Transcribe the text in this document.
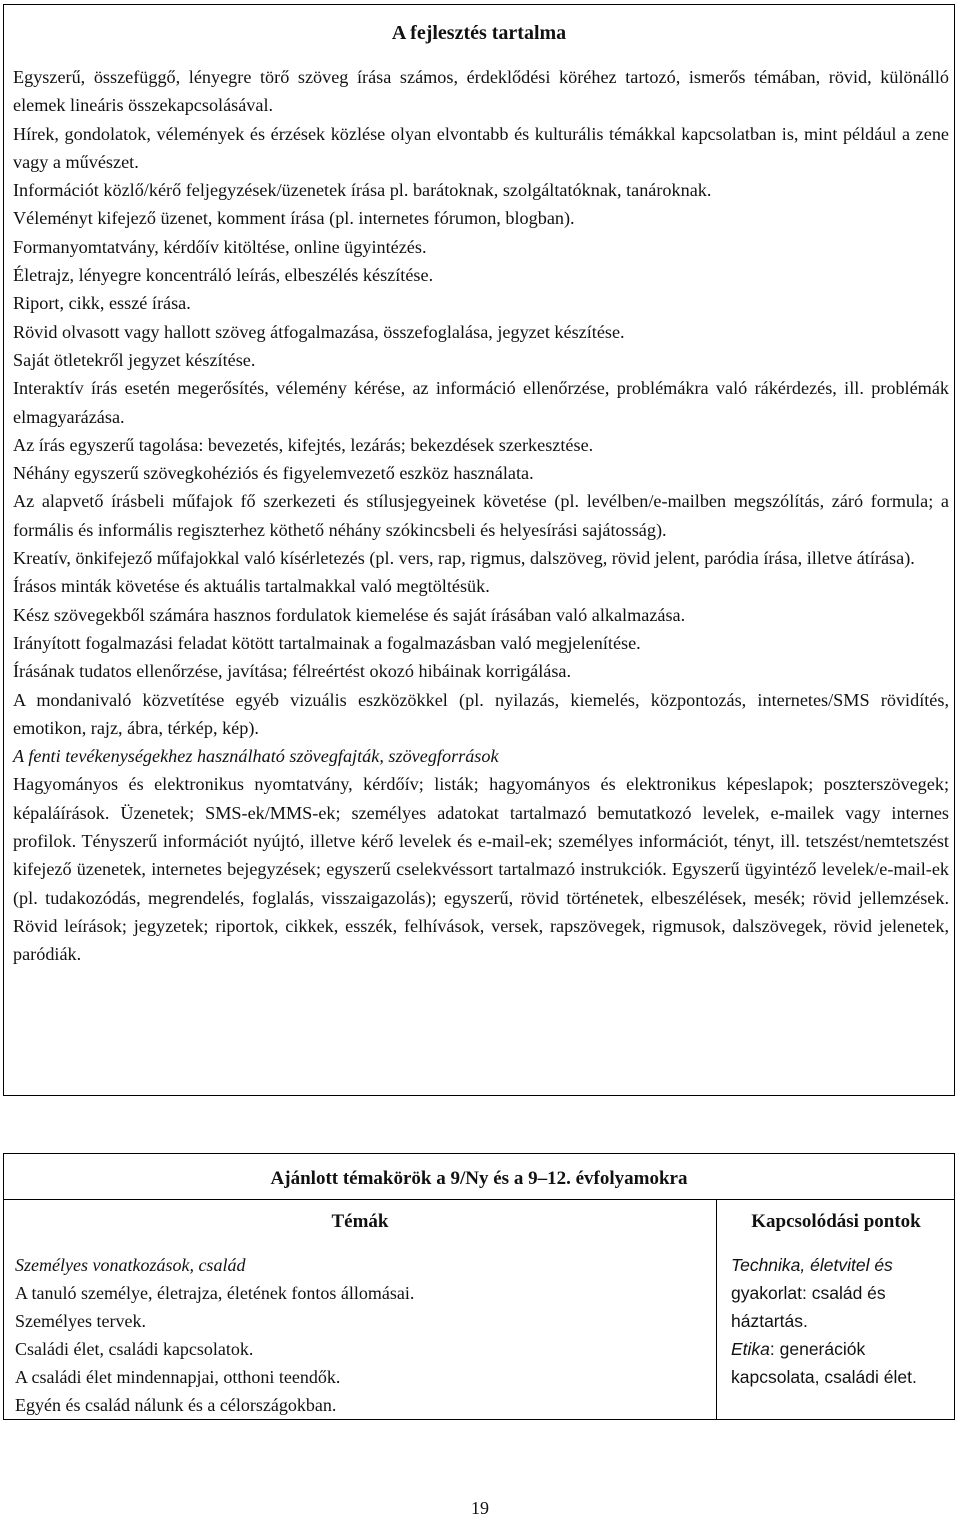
A fejlesztés tartalma

Egyszerű, összefüggő, lényegre törő szöveg írása számos, érdeklődési köréhez tartozó, ismerős témában, rövid, különálló elemek lineáris összekapcsolásával.

Hírek, gondolatok, vélemények és érzések közlése olyan elvontabb és kulturális témákkal kapcsolatban is, mint például a zene vagy a művészet.

Információt közlő/kérő feljegyzések/üzenetek írása pl. barátoknak, szolgáltatóknak, tanároknak.

Véleményt kifejező üzenet, komment írása (pl. internetes fórumon, blogban).

Formanyomtatvány, kérdőív kitöltése, online ügyintézés.

Életrajz, lényegre koncentráló leírás, elbeszélés készítése.

Riport, cikk, esszé írása.

Rövid olvasott vagy hallott szöveg átfogalmazása, összefoglalása, jegyzet készítése.

Saját ötletekről jegyzet készítése.

Interaktív írás esetén megerősítés, vélemény kérése, az információ ellenőrzése, problémákra való rákérdezés, ill. problémák elmagyarázása.

Az írás egyszerű tagolása: bevezetés, kifejtés, lezárás; bekezdések szerkesztése.

Néhány egyszerű szövegkohéziós és figyelemvezető eszköz használata.

Az alapvető írásbeli műfajok fő szerkezeti és stílusjegyeinek követése (pl. levélben/e-mailben megszólítás, záró formula; a formális és informális regiszterhez köthető néhány szókincsbeli és helyesírási sajátosság).

Kreatív, önkifejező műfajokkal való kísérletezés (pl. vers, rap, rigmus, dalszöveg, rövid jelent, paródia írása, illetve átírása).

Írásos minták követése és aktuális tartalmakkal való megtöltésük.

Kész szövegekből számára hasznos fordulatok kiemelése és saját írásában való alkalmazása.

Irányított fogalmazási feladat kötött tartalmainak a fogalmazásban való megjelenítése.

Írásának tudatos ellenőrzése, javítása; félreértést okozó hibáinak korrigálása.

A mondanivaló közvetítése egyéb vizuális eszközökkel (pl. nyilazás, kiemelés, központozás, internetes/SMS rövidítés, emotikon, rajz, ábra, térkép, kép).

A fenti tevékenységekhez használható szövegfajták, szövegforrások

Hagyományos és elektronikus nyomtatvány, kérdőív; listák; hagyományos és elektronikus képeslapok; poszterszövegek; képaláírások. Üzenetek; SMS-ek/MMS-ek; személyes adatokat tartalmazó bemutatkozó levelek, e-mailek vagy internes profilok. Tényszerű információt nyújtó, illetve kérő levelek és e-mail-ek; személyes információt, tényt, ill. tetszést/nemtetszést kifejező üzenetek, internetes bejegyzések; egyszerű cselekvéssort tartalmazó instrukciók. Egyszerű ügyintéző levelek/e-mail-ek (pl. tudakozódás, megrendelés, foglalás, visszaigazolás); egyszerű, rövid történetek, elbeszélések, mesék; rövid jellemzések. Rövid leírások; jegyzetek; riportok, cikkek, esszék, felhívások, versek, rapszövegek, rigmusok, dalszövegek, rövid jelenetek, paródiák.

Ajánlott témakörök a 9/Ny és a 9–12. évfolyamokra
Témák	Kapcsolódási pontok

Személyes vonatkozások, család

A tanuló személye, életrajza, életének fontos állomásai.

Személyes tervek.

Családi élet, családi kapcsolatok.

A családi élet mindennapjai, otthoni teendők.

Egyén és család nálunk és a célországokban.

Technika, életvitel és gyakorlat: család és háztartás.

Etika: generációk kapcsolata, családi élet.

19
